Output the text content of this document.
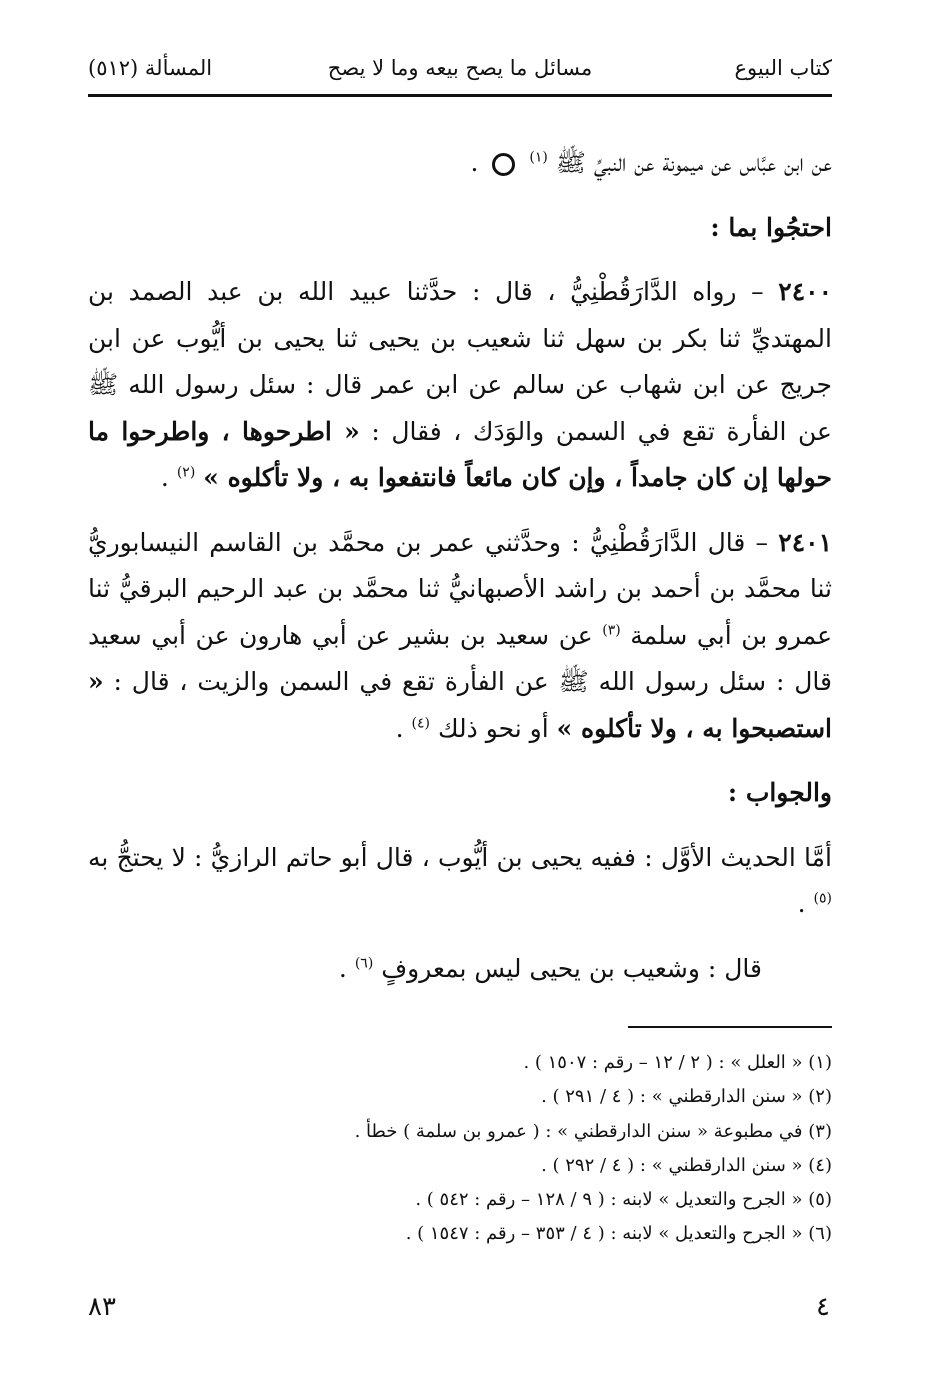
كتاب البيوع
مسائل ما يصح بيعه وما لا يصح
المسألة (٥١٢)

عن ابن عبَّاس عن ميمونة عن النبيِّ ﷺ $^{(١)}$  .

احتجُوا بما :

٢٤٠٠ – رواه الدَّارَقُطْنِيُّ ، قال : حدَّثنا عبيد الله بن عبد الصمد بن المهتديِّ ثنا بكر بن سهل ثنا شعيب بن يحيى ثنا يحيى بن أيُّوب عن ابن جريج عن ابن شهاب عن سالم عن ابن عمر قال : سئل رسول الله ﷺ عن الفأرة تقع في السمن والوَدَك ، فقال : « اطرحوها ، واطرحوا ما حولها إن كان جامداً ، وإن كان مائعاً فانتفعوا به ، ولا تأكلوه » $^{(٢)}$ .

٢٤٠١ – قال الدَّارَقُطْنِيُّ : وحدَّثني عمر بن محمَّد بن القاسم النيسابوريُّ ثنا محمَّد بن أحمد بن راشد الأصبهانيُّ ثنا محمَّد بن عبد الرحيم البرقيُّ ثنا عمرو بن أبي سلمة $^{(٣)}$ عن سعيد بن بشير عن أبي هارون عن أبي سعيد قال : سئل رسول الله ﷺ عن الفأرة تقع في السمن والزيت ، قال : « استصبحوا به ، ولا تأكلوه » أو نحو ذلك $^{(٤)}$ .

والجواب :

أمَّا الحديث الأوَّل : ففيه يحيى بن أيُّوب ، قال أبو حاتم الرازيُّ : لا يحتجُّ به $^{(٥)}$ .

قال : وشعيب بن يحيى ليس بمعروفٍ $^{(٦)}$ .

(١) « العلل » : ( ٢ / ١٢ – رقم : ١٥٠٧ ) .
(٢) « سنن الدارقطني » : ( ٤ / ٢٩١ ) .
(٣) في مطبوعة « سنن الدارقطني » : ( عمرو بن سلمة ) خطأ .
(٤) « سنن الدارقطني » : ( ٤ / ٢٩٢ ) .
(٥) « الجرح والتعديل » لابنه : ( ٩ / ١٢٨ – رقم : ٥٤٢ ) .
(٦) « الجرح والتعديل » لابنه : ( ٤ / ٣٥٣ – رقم : ١٥٤٧ ) .
٨٣	٤
